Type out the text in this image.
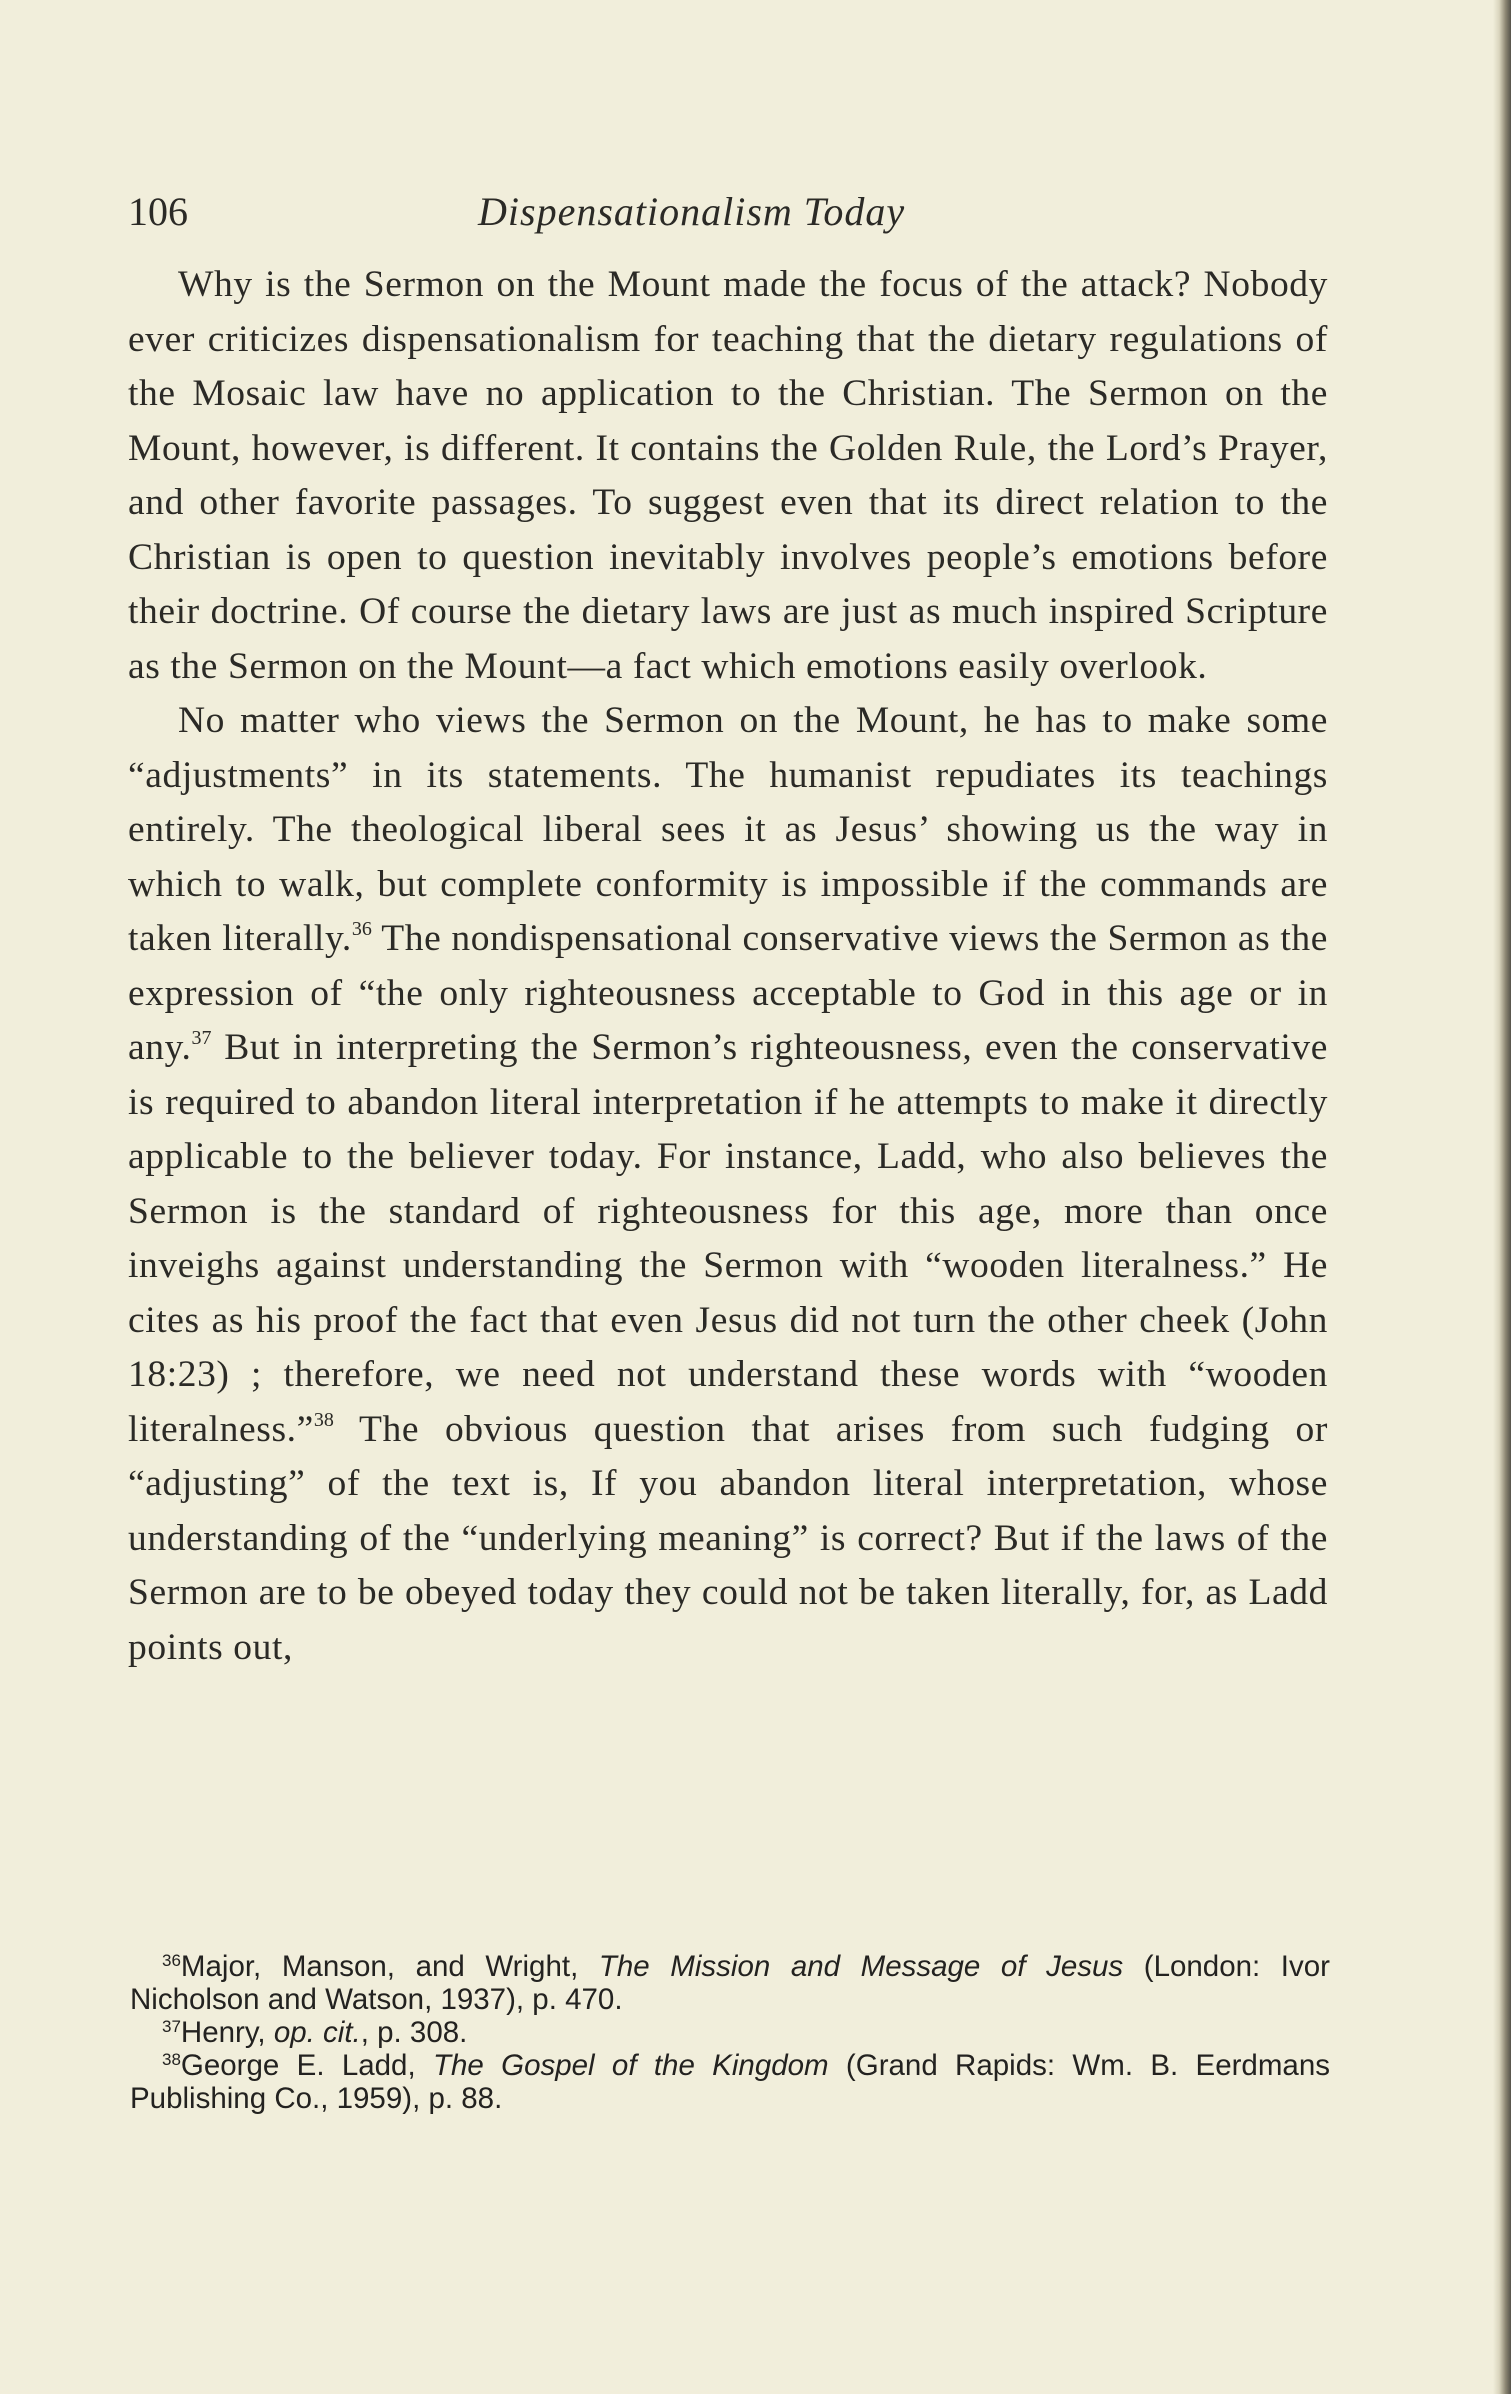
106	Dispensationalism Today

Why is the Sermon on the Mount made the focus of the attack? Nobody ever criticizes dispensationalism for teaching that the dietary regulations of the Mosaic law have no application to the Christian. The Sermon on the Mount, however, is different. It contains the Golden Rule, the Lord’s Prayer, and other favorite passages. To suggest even that its direct relation to the Christian is open to question inevitably involves people’s emotions before their doctrine. Of course the dietary laws are just as much inspired Scripture as the Sermon on the Mount—a fact which emotions easily overlook.

No matter who views the Sermon on the Mount, he has to make some “adjustments” in its statements. The humanist repudiates its teachings entirely. The theological liberal sees it as Jesus’ showing us the way in which to walk, but complete conformity is impossible if the commands are taken literally.$^{36}$ The nondispensational conservative views the Sermon as the expression of “the only righteousness acceptable to God in this age or in any.$^{37}$ But in interpreting the Sermon’s righteousness, even the conservative is required to abandon literal interpretation if he attempts to make it directly applicable to the believer today. For instance, Ladd, who also believes the Sermon is the standard of righteousness for this age, more than once inveighs against understanding the Sermon with “wooden literalness.” He cites as his proof the fact that even Jesus did not turn the other cheek (John 18:23) ; therefore, we need not understand these words with “wooden literalness.”$^{38}$ The obvious question that arises from such fudging or “adjusting” of the text is, If you abandon literal interpretation, whose understanding of the “underlying meaning” is correct? But if the laws of the Sermon are to be obeyed today they could not be taken literally, for, as Ladd points out,

$^{36}$Major, Manson, and Wright, The Mission and Message of Jesus (London: Ivor Nicholson and Watson, 1937), p. 470.

$^{37}$Henry, op. cit., p. 308.

$^{38}$George E. Ladd, The Gospel of the Kingdom (Grand Rapids: Wm. B. Eerdmans Publishing Co., 1959), p. 88.
